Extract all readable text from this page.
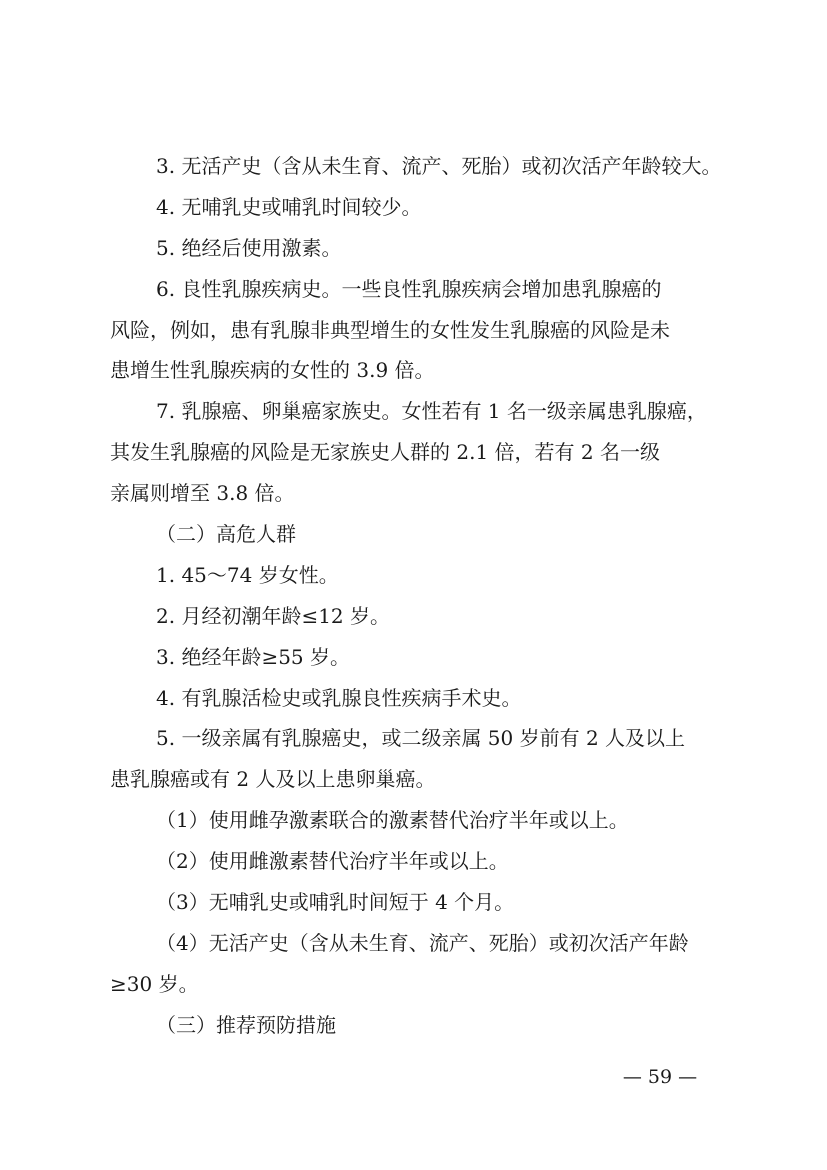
3. 无活产史（含从未生育、流产、死胎）或初次活产年龄较大。
4. 无哺乳史或哺乳时间较少。
5. 绝经后使用激素。
6. 良性乳腺疾病史。一些良性乳腺疾病会增加患乳腺癌的
风险，例如，患有乳腺非典型增生的女性发生乳腺癌的风险是未
患增生性乳腺疾病的女性的 3.9 倍。
7. 乳腺癌、卵巢癌家族史。女性若有 1 名一级亲属患乳腺癌，
其发生乳腺癌的风险是无家族史人群的 2.1 倍，若有 2 名一级
亲属则增至 3.8 倍。
（二）高危人群
1. 45～74 岁女性。
2. 月经初潮年龄≤12 岁。
3. 绝经年龄≥55 岁。
4. 有乳腺活检史或乳腺良性疾病手术史。
5. 一级亲属有乳腺癌史，或二级亲属 50 岁前有 2 人及以上
患乳腺癌或有 2 人及以上患卵巢癌。
（1）使用雌孕激素联合的激素替代治疗半年或以上。
（2）使用雌激素替代治疗半年或以上。
（3）无哺乳史或哺乳时间短于 4 个月。
（4）无活产史（含从未生育、流产、死胎）或初次活产年龄
≥30 岁。
（三）推荐预防措施
— 59 —
